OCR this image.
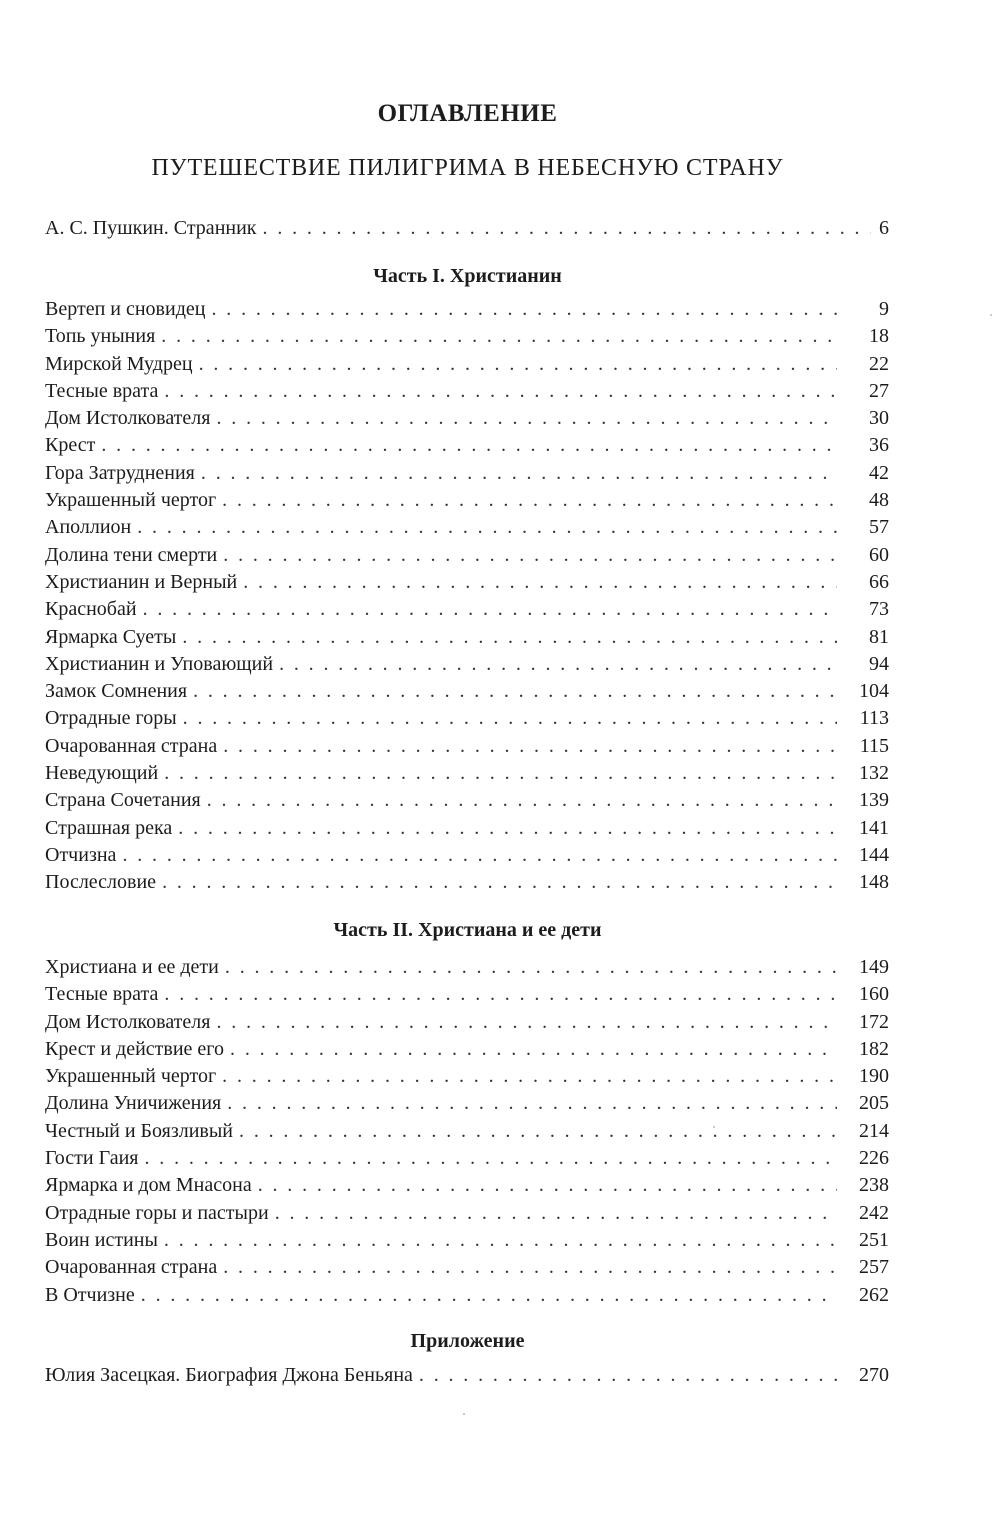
ОГЛАВЛЕНИЕ
ПУТЕШЕСТВИЕ ПИЛИГРИМА В НЕБЕСНУЮ СТРАНУ
А. С. Пушкин. Странник . . .	6
Часть I. Христианин
Вертеп и сновидец . . .	9
Топь уныния . . .	18
Мирской Мудрец . . .	22
Тесные врата . . .	27
Дом Истолкователя . . .	30
Крест . . .	36
Гора Затруднения . . .	42
Украшенный чертог . . .	48
Аполлион . . .	57
Долина тени смерти . . .	60
Христианин и Верный . . .	66
Краснобай . . .	73
Ярмарка Суеты . . .	81
Христианин и Уповающий . . .	94
Замок Сомнения . . .	104
Отрадные горы . . .	113
Очарованная страна . . .	115
Неведующий . . .	132
Страна Сочетания . . .	139
Страшная река . . .	141
Отчизна . . .	144
Послесловие . . .	148
Часть II. Христиана и ее дети
Христиана и ее дети . . .	149
Тесные врата . . .	160
Дом Истолкователя . . .	172
Крест и действие его . . .	182
Украшенный чертог . . .	190
Долина Уничижения . . .	205
Честный и Боязливый . . .	214
Гости Гаия . . .	226
Ярмарка и дом Мнасона . . .	238
Отрадные горы и пастыри . . .	242
Воин истины . . .	251
Очарованная страна . . .	257
В Отчизне . . .	262
Приложение
Юлия Засецкая. Биография Джона Беньяна . . .	270
